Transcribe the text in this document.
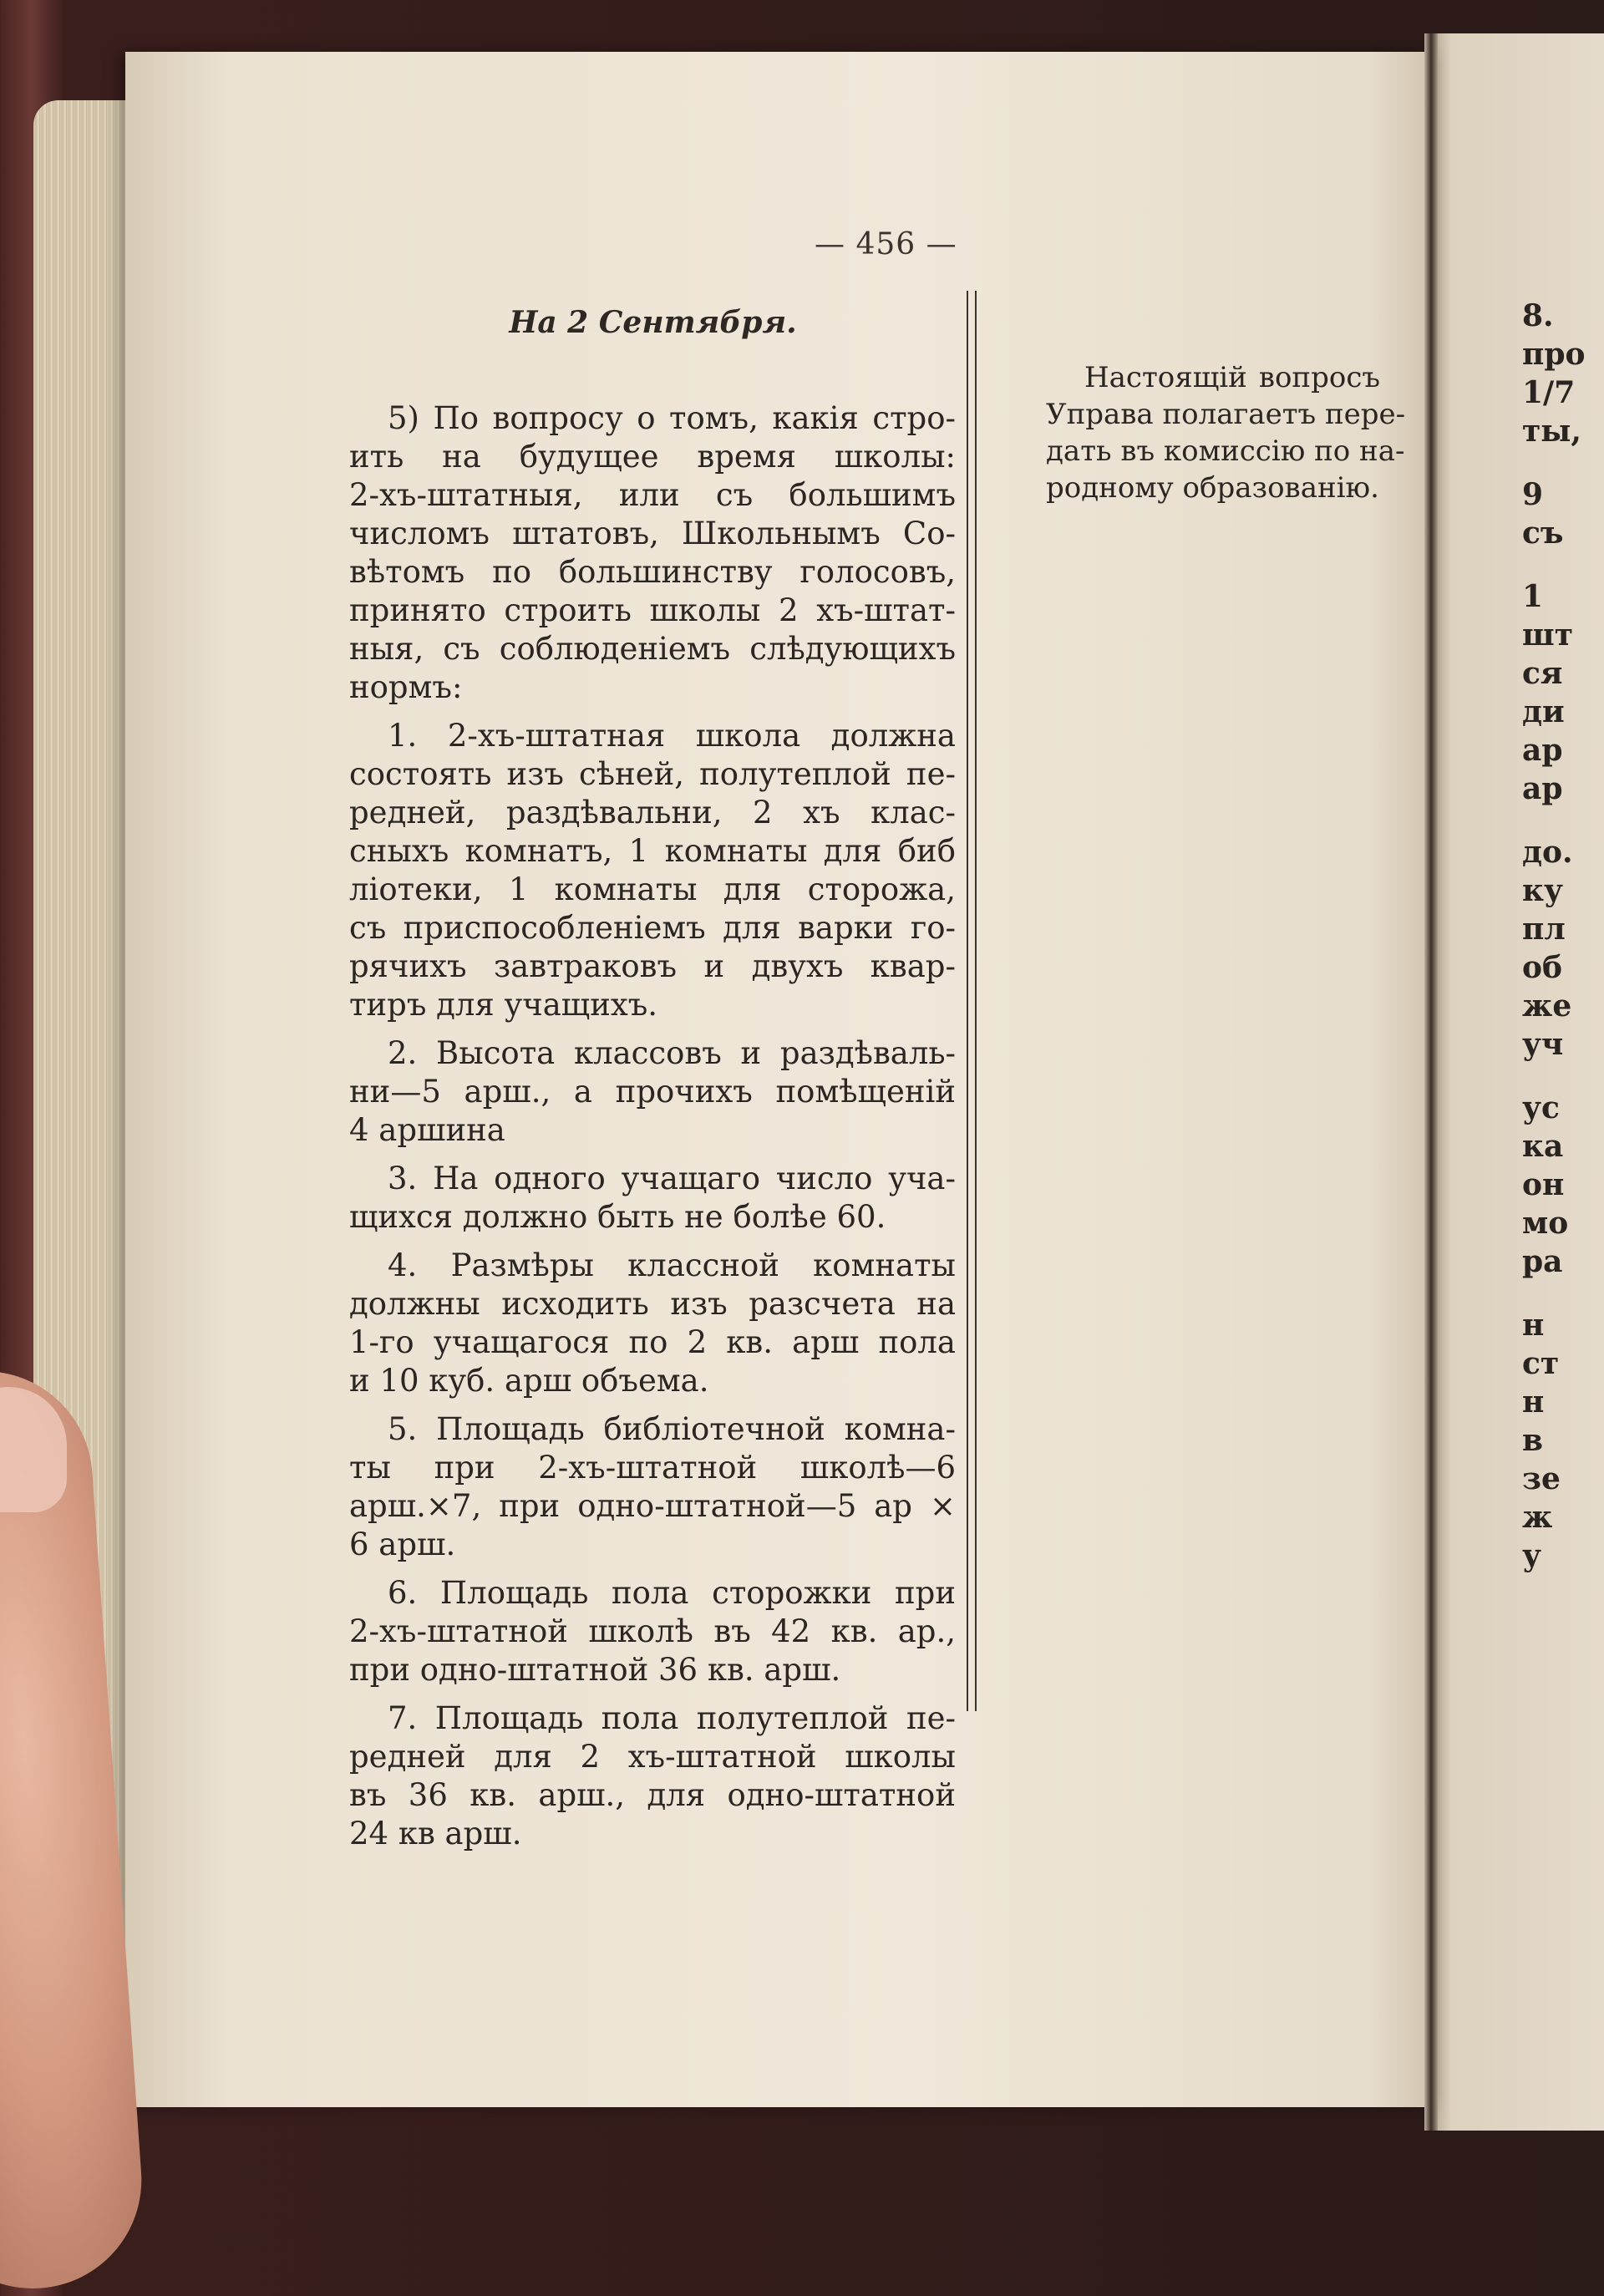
— 456 —
На 2 Сентября.
5) По вопросу о томъ, какія стро-
ить на будущее время школы:
2-хъ-штатныя, или съ большимъ
числомъ штатовъ, Школьнымъ Со-
вѣтомъ по большинству голосовъ,
принято строить школы 2 хъ-штат-
ныя, съ соблюденіемъ слѣдующихъ
нормъ:
1. 2-хъ-штатная школа должна
состоять изъ сѣней, полутеплой пе-
редней, раздѣвальни, 2 хъ клас-
сныхъ комнатъ, 1 комнаты для биб
ліотеки, 1 комнаты для сторожа,
съ приспособленіемъ для варки го-
рячихъ завтраковъ и двухъ квар-
тиръ для учащихъ.
2. Высота классовъ и раздѣваль-
ни—5 арш., а прочихъ помѣщеній
4 аршина
3. На одного учащаго число уча-
щихся должно быть не болѣе 60.
4. Размѣры классной комнаты
должны исходить изъ разсчета на
1-го учащагося по 2 кв. арш пола
и 10 куб. арш объема.
5. Площадь библіотечной комна-
ты при 2-хъ-штатной школѣ—6
арш.×7, при одно-штатной—5 ар ×
6 арш.
6. Площадь пола сторожки при
2-хъ-штатной школѣ въ 42 кв. ар.,
при одно-штатной 36 кв. арш.
7. Площадь пола полутеплой пе-
редней для 2 хъ-штатной школы
въ 36 кв. арш., для одно-штатной
24 кв арш.
Настоящій вопросъ
Управа полагаетъ пере-
дать въ комиссію по на-
родному образованію.
8.
про
1/7
ты,
9
съ
1
шт
ся
ди
ар
ар
до.
ку
пл
об
же
уч
ус
ка
он
мо
ра
н
ст
н
в
зе
ж
у
